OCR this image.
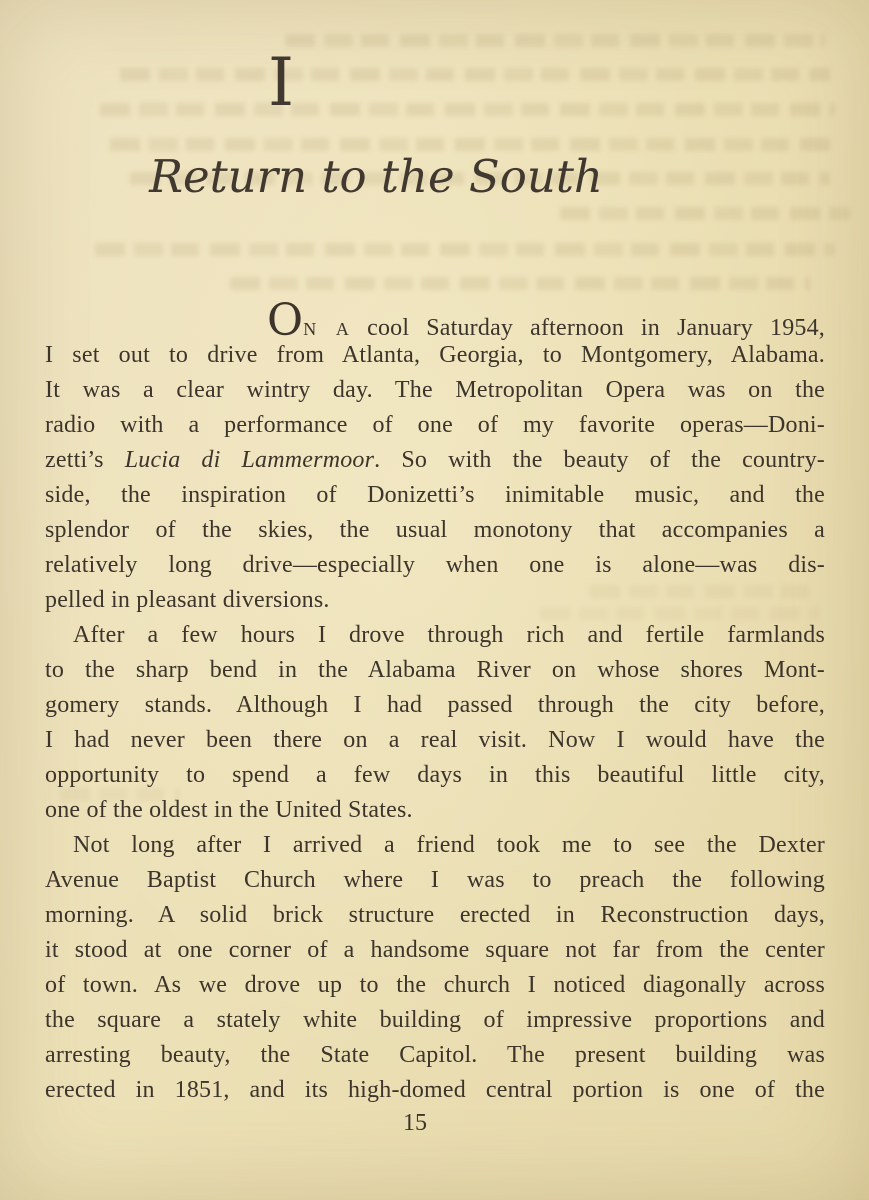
I
Return to the South
On a cool Saturday afternoon in January 1954,
I set out to drive from Atlanta, Georgia, to Montgomery, Alabama.
It was a clear wintry day. The Metropolitan Opera was on the
radio with a performance of one of my favorite operas—Doni-
zetti’s Lucia di Lammermoor. So with the beauty of the country-
side, the inspiration of Donizetti’s inimitable music, and the
splendor of the skies, the usual monotony that accompanies a
relatively long drive—especially when one is alone—was dis-
pelled in pleasant diversions.
After a few hours I drove through rich and fertile farmlands
to the sharp bend in the Alabama River on whose shores Mont-
gomery stands. Although I had passed through the city before,
I had never been there on a real visit. Now I would have the
opportunity to spend a few days in this beautiful little city,
one of the oldest in the United States.
Not long after I arrived a friend took me to see the Dexter
Avenue Baptist Church where I was to preach the following
morning. A solid brick structure erected in Reconstruction days,
it stood at one corner of a handsome square not far from the center
of town. As we drove up to the church I noticed diagonally across
the square a stately white building of impressive proportions and
arresting beauty, the State Capitol. The present building was
erected in 1851, and its high-domed central portion is one of the
15
